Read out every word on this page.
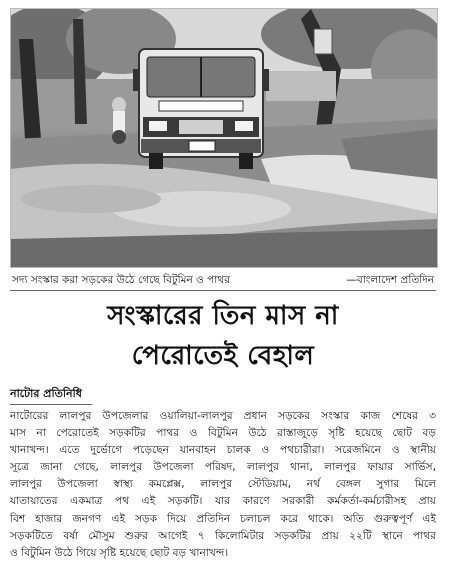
সদ্য সংস্কার করা সড়কের উঠে গেছে বিটুমিন ও পাথর	—বাংলাদেশ প্রতিদিন
সংস্কারের তিন মাস না
পেরোতেই বেহাল
নাটোর প্রতিনিধি
নাটোরের লালপুর উপজেলার ওয়ালিয়া-লালপুর প্রধান সড়কের সংস্কার কাজ শেষের ৩
মাস না পেরোতেই সড়কটির পাথর ও বিটুমিন উঠে রাস্তাজুড়ে সৃষ্টি হয়েছে ছোট বড়
খানাখন্দ। এতে দুর্ভোগে পড়েছেন যানবাহন চালক ও পথচারীরা। সরেজমিনে ও স্থানীয়
সূত্রে জানা গেছে, লালপুর উপজেলা পরিষদ, লালপুর থানা, লালপুর ফায়ার সার্ভিস,
লালপুর উপজেলা স্বাস্থ্য কমপ্লেক্স, লালপুর স্টেডিয়াম, নর্থ বেঙ্গল সুগার মিলে
যাতায়াতের একমাত্র পথ এই সড়কটি। যার কারণে সরকারী কর্মকর্তা-কর্মচারীসহ প্রায়
বিশ হাজার জনগণ এই সড়ক দিয়ে প্রতিদিন চলাচল করে থাকে। অতি গুরুত্বপূর্ণ এই
সড়কটিতে বর্ষা মৌসুম শুরুর আগেই ৭ কিলোমিটার সড়কটির প্রায় ২২টি স্থানে পাথর
ও বিটুমিন উঠে গিয়ে সৃষ্টি হয়েছে ছোট বড় খানাখন্দ।
